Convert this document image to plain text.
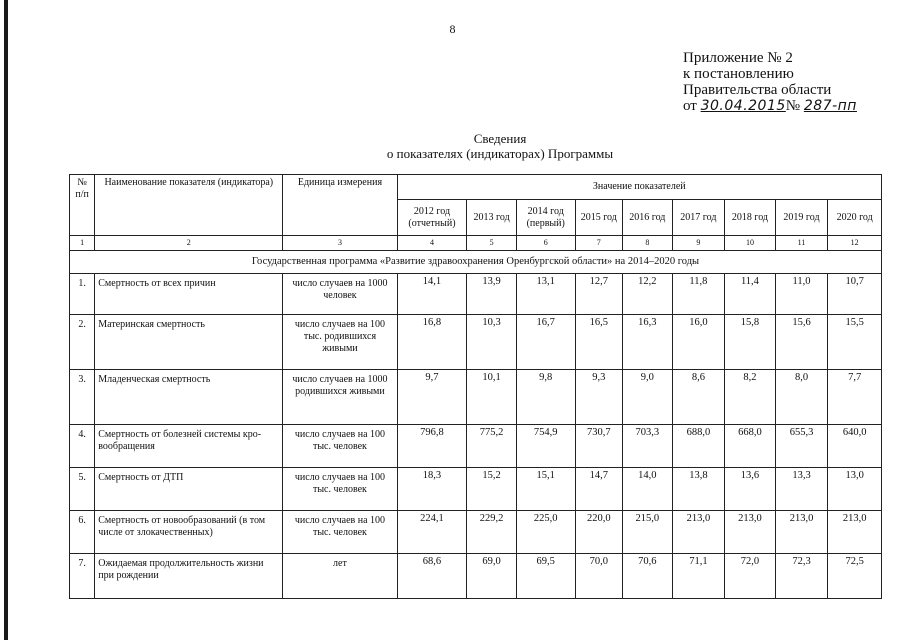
8
Приложение № 2
к постановлению
Правительства области
от 30.04.2015№ 287-пп
Сведения
о показателях (индикаторах) Программы
№ п/п	Наименование показателя (индикатора)	Единица измерения	Значение показателей								
			2012 год (отчетный)	2013 год	2014 год (первый)	2015 год	2016 год	2017 год	2018 год	2019 год	2020 год
1	2	3	4	5	6	7	8	9	10	11	12
Государственная программа «Развитие здравоохранения Оренбургской области» на 2014–2020 годы											
1.	Смертность от всех причин	число случаев на 1000 человек	14,1	13,9	13,1	12,7	12,2	11,8	11,4	11,0	10,7
2.	Материнская смертность	число случаев на 100 тыс. родившихся живыми	16,8	10,3	16,7	16,5	16,3	16,0	15,8	15,6	15,5
3.	Младенческая смертность	число случаев на 1000 родившихся живыми	9,7	10,1	9,8	9,3	9,0	8,6	8,2	8,0	7,7
4.	Смертность от болезней системы кро-вообращения	число случаев на 100 тыс. человек	796,8	775,2	754,9	730,7	703,3	688,0	668,0	655,3	640,0
5.	Смертность от ДТП	число случаев на 100 тыс. человек	18,3	15,2	15,1	14,7	14,0	13,8	13,6	13,3	13,0
6.	Смертность от новообразований (в том числе от злокачественных)	число случаев на 100 тыс. человек	224,1	229,2	225,0	220,0	215,0	213,0	213,0	213,0	213,0
7.	Ожидаемая продолжительность жизни при рождении	лет	68,6	69,0	69,5	70,0	70,6	71,1	72,0	72,3	72,5
